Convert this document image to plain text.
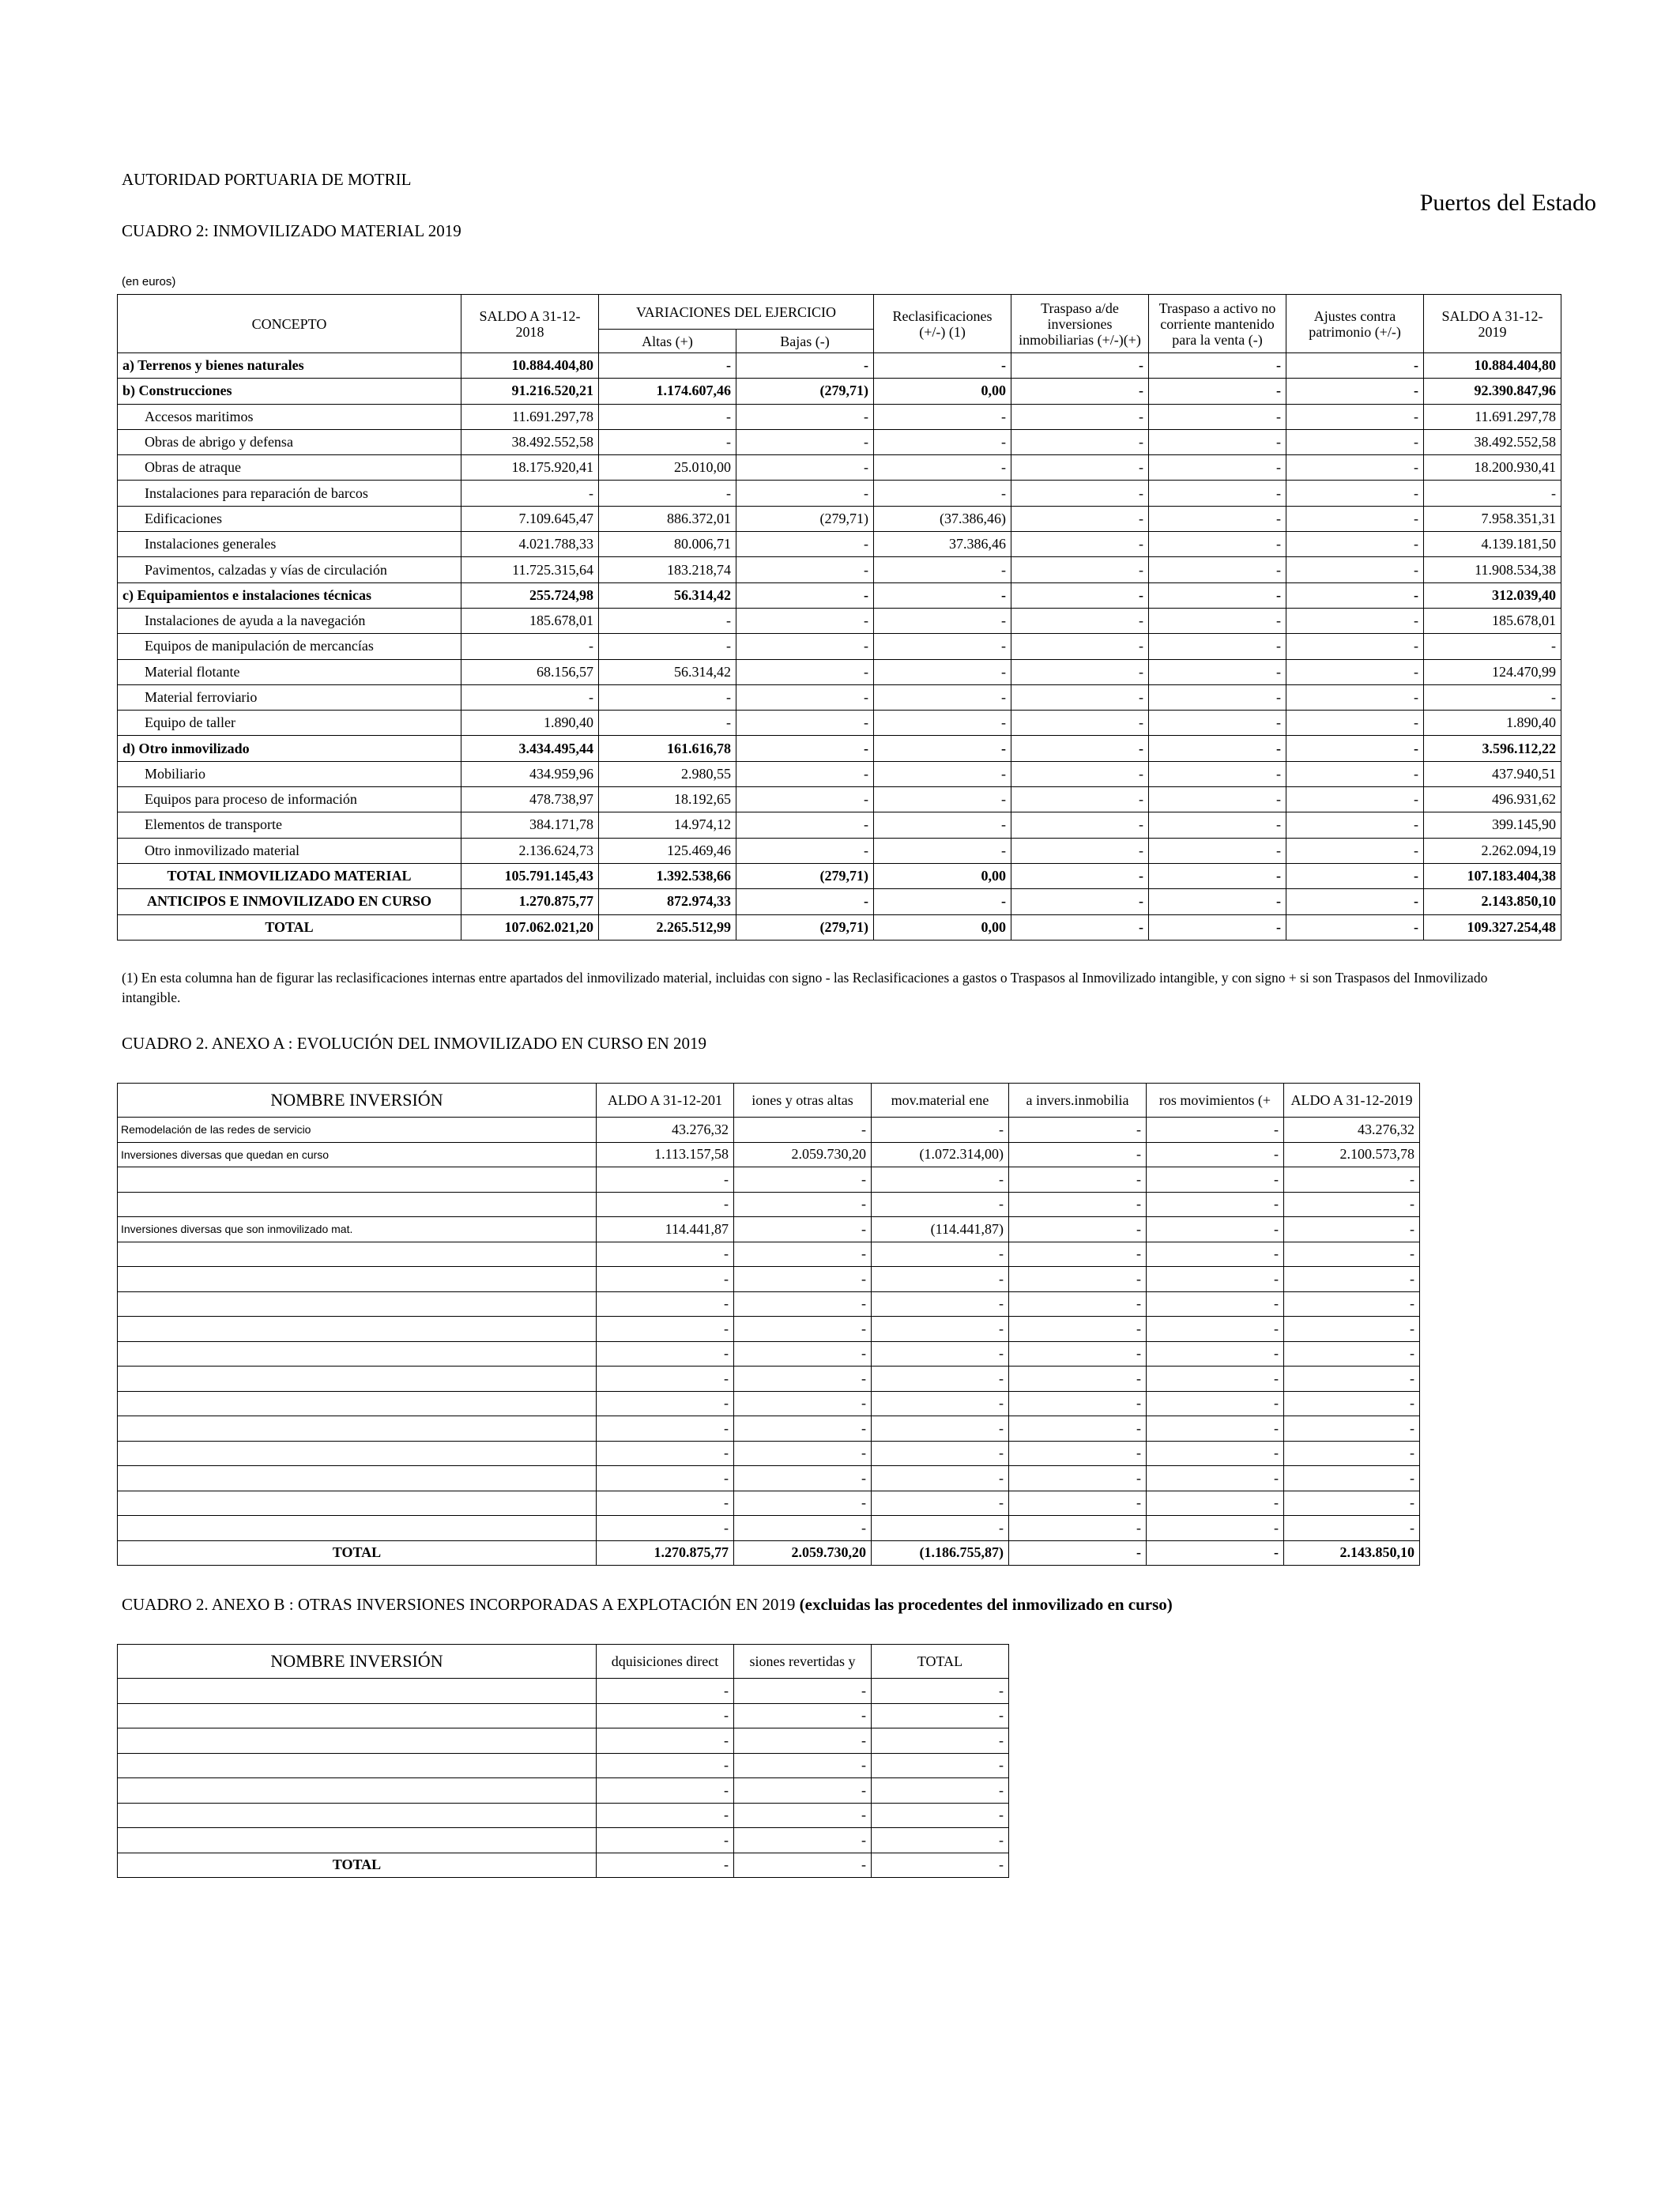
AUTORIDAD PORTUARIA DE MOTRIL
Puertos del Estado
CUADRO 2: INMOVILIZADO MATERIAL 2019
(en euros)
CONCEPTO	SALDO A 31-12-2018	VARIACIONES DEL EJERCICIO		Reclasificaciones (+/-) (1)	Traspaso a/de inversiones inmobiliarias (+/-)(+)	Traspaso a activo no corriente mantenido para la venta (-)	Ajustes contra patrimonio (+/-)	SALDO A 31-12-2019
		Altas (+)	Bajas (-)					
a) Terrenos y bienes naturales	10.884.404,80	-	-	-	-	-	-	10.884.404,80
b) Construcciones	91.216.520,21	1.174.607,46	(279,71)	0,00	-	-	-	92.390.847,96
Accesos maritimos	11.691.297,78	-	-	-	-	-	-	11.691.297,78
Obras de abrigo y defensa	38.492.552,58	-	-	-	-	-	-	38.492.552,58
Obras de atraque	18.175.920,41	25.010,00	-	-	-	-	-	18.200.930,41
Instalaciones para reparación de barcos	-	-	-	-	-	-	-	-
Edificaciones	7.109.645,47	886.372,01	(279,71)	(37.386,46)	-	-	-	7.958.351,31
Instalaciones generales	4.021.788,33	80.006,71	-	37.386,46	-	-	-	4.139.181,50
Pavimentos, calzadas y vías de circulación	11.725.315,64	183.218,74	-	-	-	-	-	11.908.534,38
c) Equipamientos e instalaciones técnicas	255.724,98	56.314,42	-	-	-	-	-	312.039,40
Instalaciones de ayuda a la navegación	185.678,01	-	-	-	-	-	-	185.678,01
Equipos de manipulación de mercancías	-	-	-	-	-	-	-	-
Material flotante	68.156,57	56.314,42	-	-	-	-	-	124.470,99
Material ferroviario	-	-	-	-	-	-	-	-
Equipo de taller	1.890,40	-	-	-	-	-	-	1.890,40
d) Otro inmovilizado	3.434.495,44	161.616,78	-	-	-	-	-	3.596.112,22
Mobiliario	434.959,96	2.980,55	-	-	-	-	-	437.940,51
Equipos para proceso de información	478.738,97	18.192,65	-	-	-	-	-	496.931,62
Elementos de transporte	384.171,78	14.974,12	-	-	-	-	-	399.145,90
Otro inmovilizado material	2.136.624,73	125.469,46	-	-	-	-	-	2.262.094,19
TOTAL INMOVILIZADO MATERIAL	105.791.145,43	1.392.538,66	(279,71)	0,00	-	-	-	107.183.404,38
ANTICIPOS E INMOVILIZADO EN CURSO	1.270.875,77	872.974,33	-	-	-	-	-	2.143.850,10
TOTAL	107.062.021,20	2.265.512,99	(279,71)	0,00	-	-	-	109.327.254,48
(1) En esta columna han de figurar las reclasificaciones internas entre apartados del inmovilizado material, incluidas con signo - las Reclasificaciones a gastos o Traspasos al Inmovilizado intangible, y con signo + si son Traspasos del Inmovilizado intangible.
CUADRO 2. ANEXO A : EVOLUCIÓN DEL INMOVILIZADO EN CURSO EN 2019
NOMBRE INVERSIÓN	ALDO A 31-12-201	iones y otras altas	mov.material ene	a invers.inmobilia	ros movimientos (+	ALDO A 31-12-2019
Remodelación de las redes de servicio	43.276,32	-	-	-	-	43.276,32
Inversiones diversas que quedan en curso	1.113.157,58	2.059.730,20	(1.072.314,00)	-	-	2.100.573,78
	-	-	-	-	-	-
	-	-	-	-	-	-
Inversiones diversas que son inmovilizado mat.	114.441,87	-	(114.441,87)	-	-	-
	-	-	-	-	-	-
	-	-	-	-	-	-
	-	-	-	-	-	-
	-	-	-	-	-	-
	-	-	-	-	-	-
	-	-	-	-	-	-
	-	-	-	-	-	-
	-	-	-	-	-	-
	-	-	-	-	-	-
	-	-	-	-	-	-
	-	-	-	-	-	-
	-	-	-	-	-	-
TOTAL	1.270.875,77	2.059.730,20	(1.186.755,87)	-	-	2.143.850,10
CUADRO 2. ANEXO B : OTRAS INVERSIONES INCORPORADAS A EXPLOTACIÓN EN 2019 (excluidas las procedentes del inmovilizado en curso)
NOMBRE INVERSIÓN	dquisiciones direct	siones revertidas y	TOTAL
	-	-	-
	-	-	-
	-	-	-
	-	-	-
	-	-	-
	-	-	-
	-	-	-
TOTAL	-	-	-
